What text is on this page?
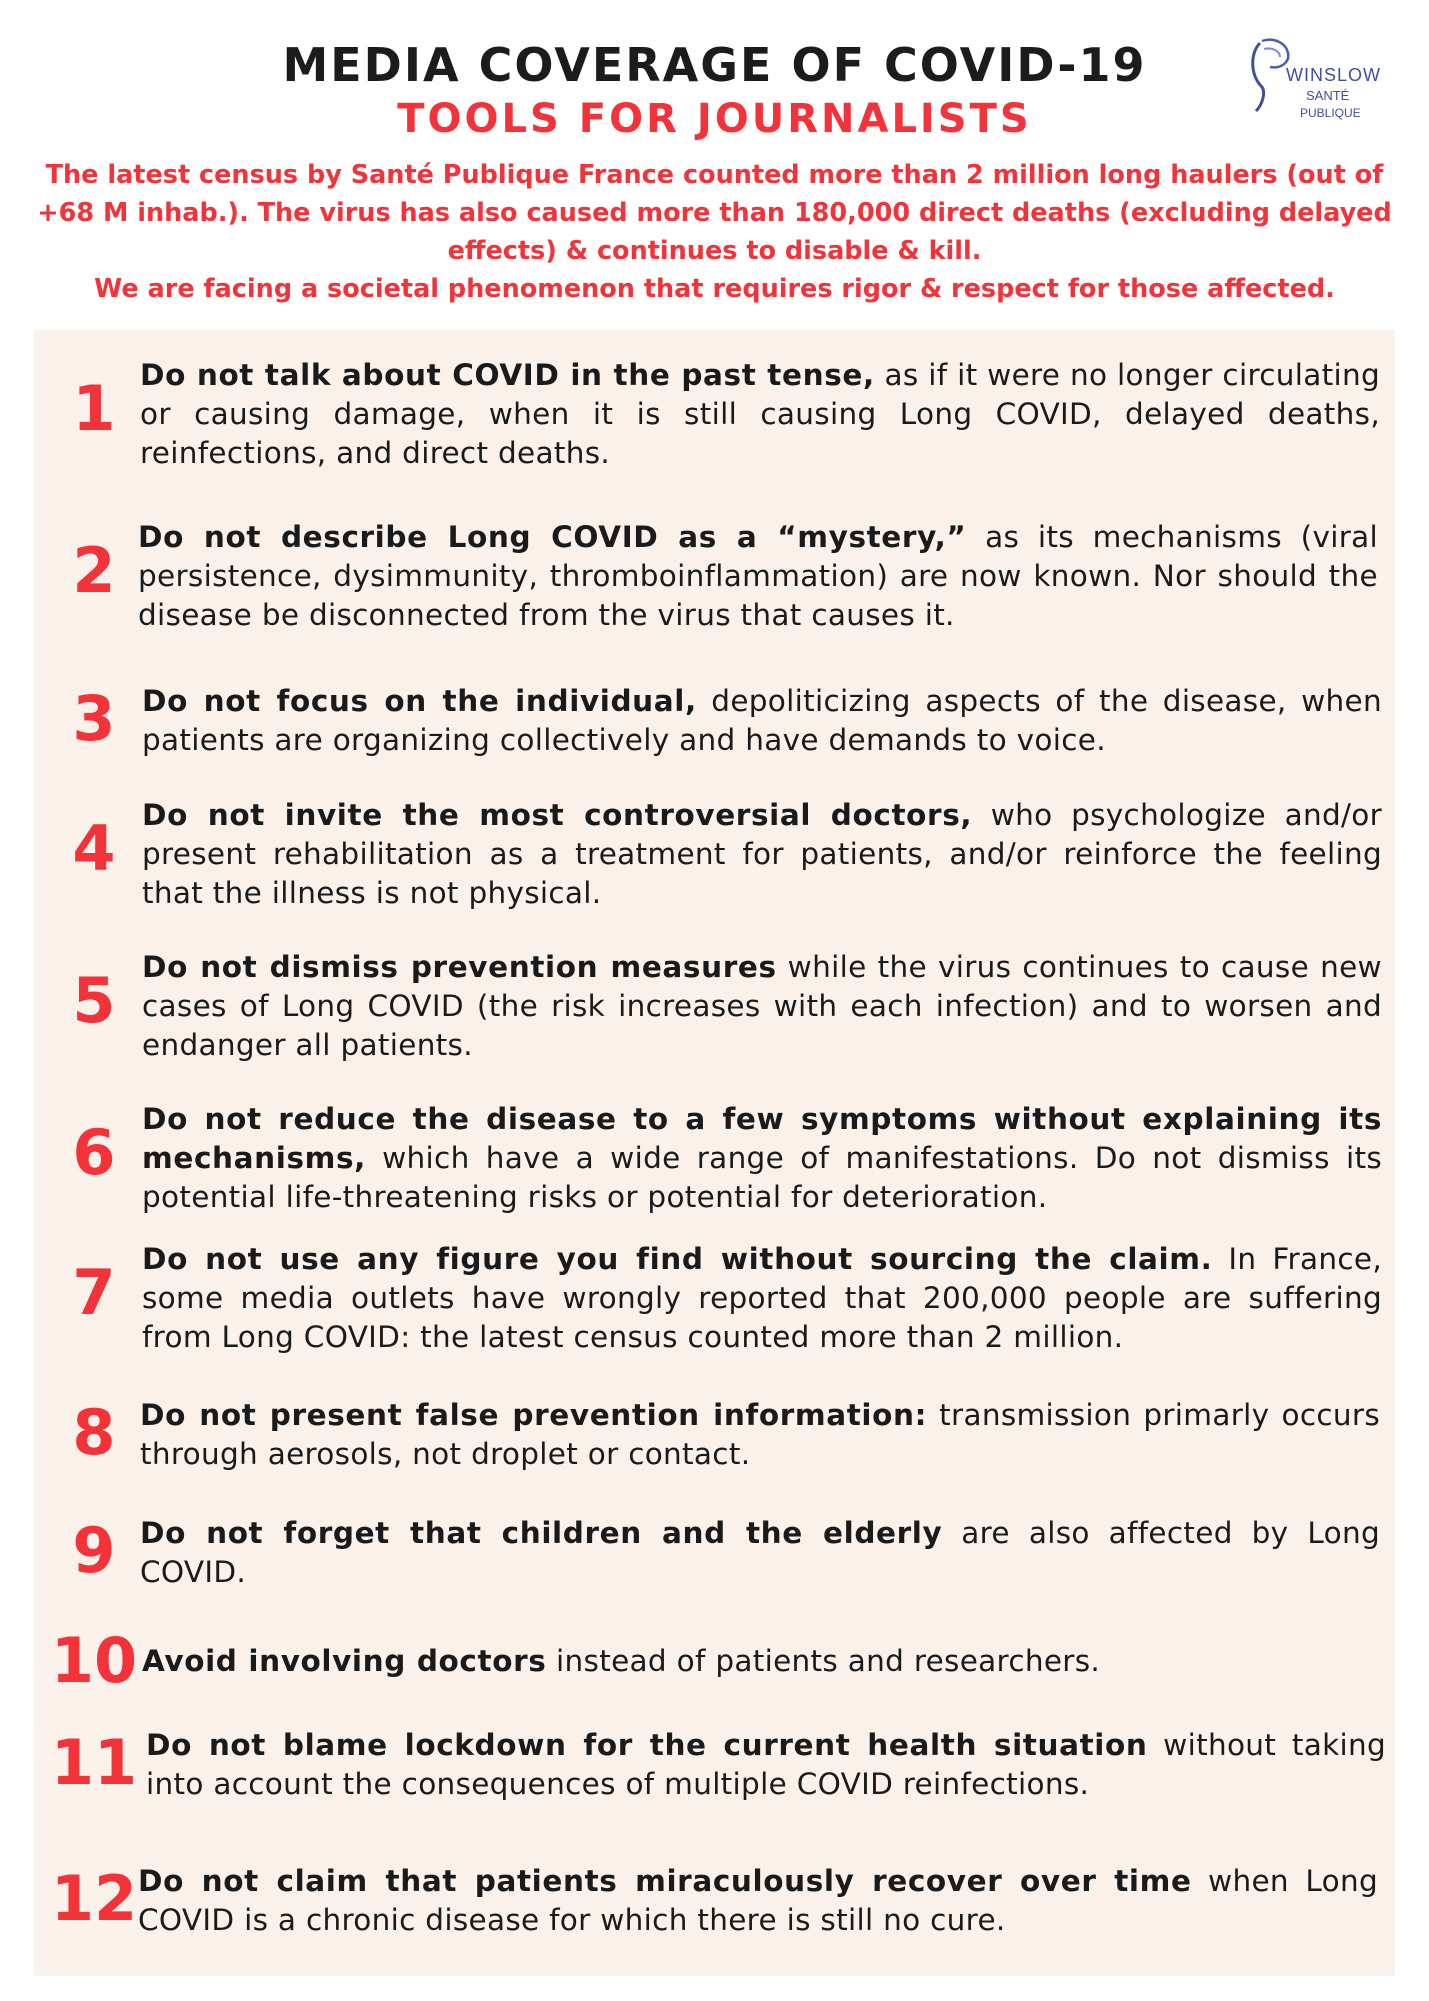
MEDIA COVERAGE OF COVID-19
TOOLS FOR JOURNALISTS
WINSLOW
SANTÉ
PUBLIQUE

The latest census by Santé Publique France counted more than 2 million long haulers (out of +68 M inhab.). The virus has also caused more than 180,000 direct deaths (excluding delayed effects) & continues to disable & kill.

We are facing a societal phenomenon that requires rigor & respect for those affected.

1 Do not talk about COVID in the past tense, as if it were no longer circulating or causing damage, when it is still causing Long COVID, delayed deaths, reinfections, and direct deaths.
2 Do not describe Long COVID as a “mystery,” as its mechanisms (viral persistence, dysimmunity, thromboinflammation) are now known. Nor should the disease be disconnected from the virus that causes it.
3 Do not focus on the individual, depoliticizing aspects of the disease, when patients are organizing collectively and have demands to voice.
4 Do not invite the most controversial doctors, who psychologize and/or present rehabilitation as a treatment for patients, and/or reinforce the feeling that the illness is not physical.
5 Do not dismiss prevention measures while the virus continues to cause new cases of Long COVID (the risk increases with each infection) and to worsen and endanger all patients.
6 Do not reduce the disease to a few symptoms without explaining its mechanisms, which have a wide range of manifestations. Do not dismiss its potential life-threatening risks or potential for deterioration.
7 Do not use any figure you find without sourcing the claim. In France, some media outlets have wrongly reported that 200,000 people are suffering from Long COVID: the latest census counted more than 2 million.
8 Do not present false prevention information: transmission primarly occurs through aerosols, not droplet or contact.
9 Do not forget that children and the elderly are also affected by Long COVID.
10 Avoid involving doctors instead of patients and researchers.
11 Do not blame lockdown for the current health situation without taking into account the consequences of multiple COVID reinfections.
12 Do not claim that patients miraculously recover over time when Long COVID is a chronic disease for which there is still no cure.
